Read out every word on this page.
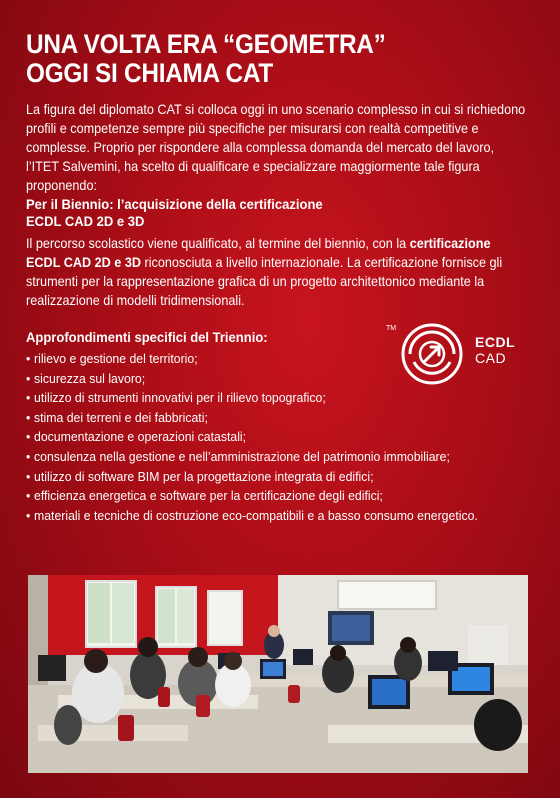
UNA VOLTA ERA “GEOMETRA”
OGGI SI CHIAMA CAT
La figura del diplomato CAT si colloca oggi in uno scenario complesso in cui si richiedono profili e competenze sempre più specifiche per misurarsi con realtà competitive e complesse. Proprio per rispondere alla complessa domanda del mercato del lavoro, l’ITET Salvemini, ha scelto di qualificare e specializzare maggiormente tale figura proponendo:
Per il Biennio: l’acquisizione della certificazione
ECDL CAD 2D e 3D
Il percorso scolastico viene qualificato, al termine del biennio, con la certificazione ECDL CAD 2D e 3D riconosciuta a livello internazionale. La certificazione fornisce gli strumenti per la rappresentazione grafica di un progetto architettonico mediante la realizzazione di modelli tridimensionali.
Approfondimenti specifici del Triennio:
• rilievo e gestione del territorio;
• sicurezza sul lavoro;
• utilizzo di strumenti innovativi per il rilievo topografico;
• stima dei terreni e dei fabbricati;
• documentazione e operazioni catastali;
• consulenza nella gestione e nell’amministrazione del patrimonio immobiliare;
• utilizzo di software BIM per la progettazione integrata di edifici;
• efficienza energetica e software per la certificazione degli edifici;
• materiali e tecniche di costruzione eco-compatibili e a basso consumo energetico.
TM
ECDL
CAD
